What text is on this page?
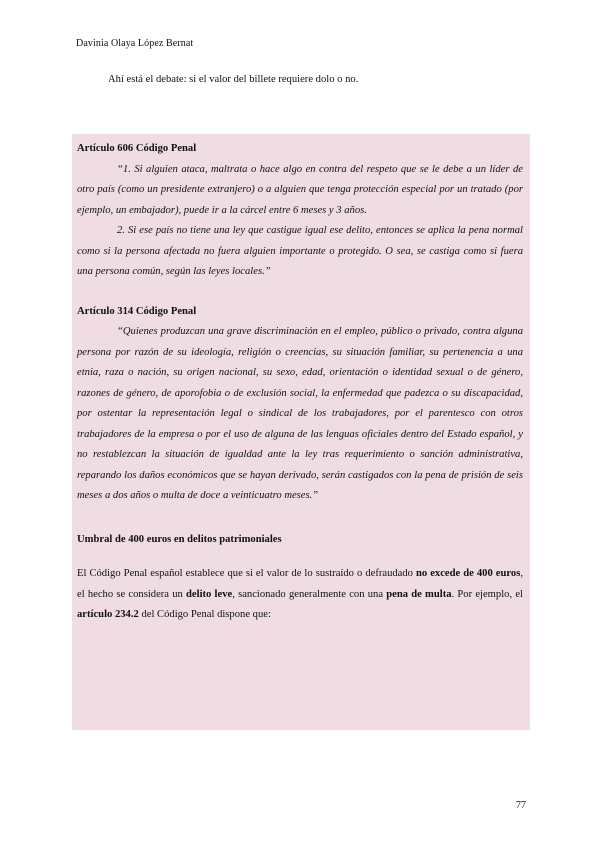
Davinia Olaya López Bernat
Ahí está el debate: si el valor del billete requiere dolo o no.

Artículo 606 Código Penal

“1. Si alguien ataca, maltrata o hace algo en contra del respeto que se le debe a un líder de otro país (como un presidente extranjero) o a alguien que tenga protección especial por un tratado (por ejemplo, un embajador), puede ir a la cárcel entre 6 meses y 3 años.

2. Si ese país no tiene una ley que castigue igual ese delito, entonces se aplica la pena normal como si la persona afectada no fuera alguien importante o protegido. O sea, se castiga como si fuera una persona común, según las leyes locales.”

Artículo 314 Código Penal

“Quienes produzcan una grave discriminación en el empleo, público o privado, contra alguna persona por razón de su ideología, religión o creencias, su situación familiar, su pertenencia a una etnia, raza o nación, su origen nacional, su sexo, edad, orientación o identidad sexual o de género, razones de género, de aporofobia o de exclusión social, la enfermedad que padezca o su discapacidad, por ostentar la representación legal o sindical de los trabajadores, por el parentesco con otros trabajadores de la empresa o por el uso de alguna de las lenguas oficiales dentro del Estado español, y no restablezcan la situación de igualdad ante la ley tras requerimiento o sanción administrativa, reparando los daños económicos que se hayan derivado, serán castigados con la pena de prisión de seis meses a dos años o multa de doce a veinticuatro meses.”

Umbral de 400 euros en delitos patrimoniales

El Código Penal español establece que si el valor de lo sustraído o defraudado no excede de 400 euros, el hecho se considera un delito leve, sancionado generalmente con una pena de multa. Por ejemplo, el artículo 234.2 del Código Penal dispone que:

77
